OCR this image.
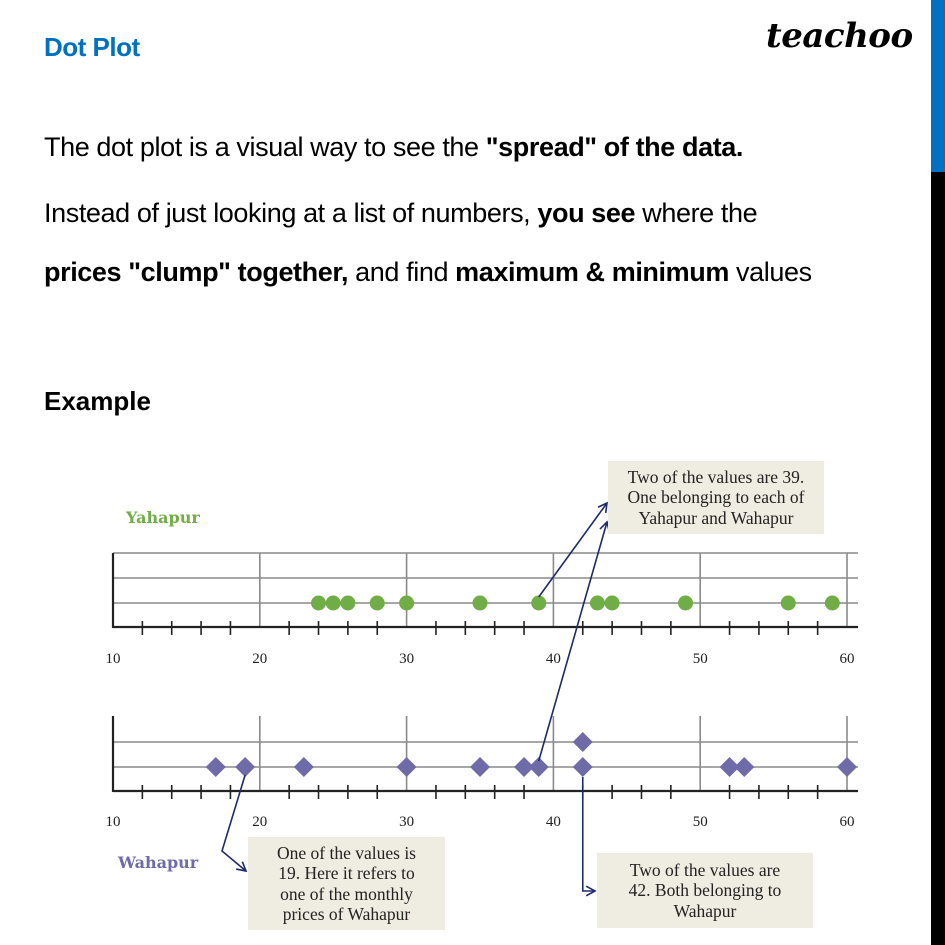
Dot Plot	teachoo
The dot plot is a visual way to see the "spread" of the data.
Instead of just looking at a list of numbers, you see where the
prices "clump" together, and find maximum & minimum values
Example
Yahapur
Wahapur
10	20	30	40	50	60
10	20	30	40	50	60
Two of the values are 39.
One belonging to each of
Yahapur and Wahapur
One of the values is
19. Here it refers to
one of the monthly
prices of Wahapur
Two of the values are
42. Both belonging to
Wahapur
